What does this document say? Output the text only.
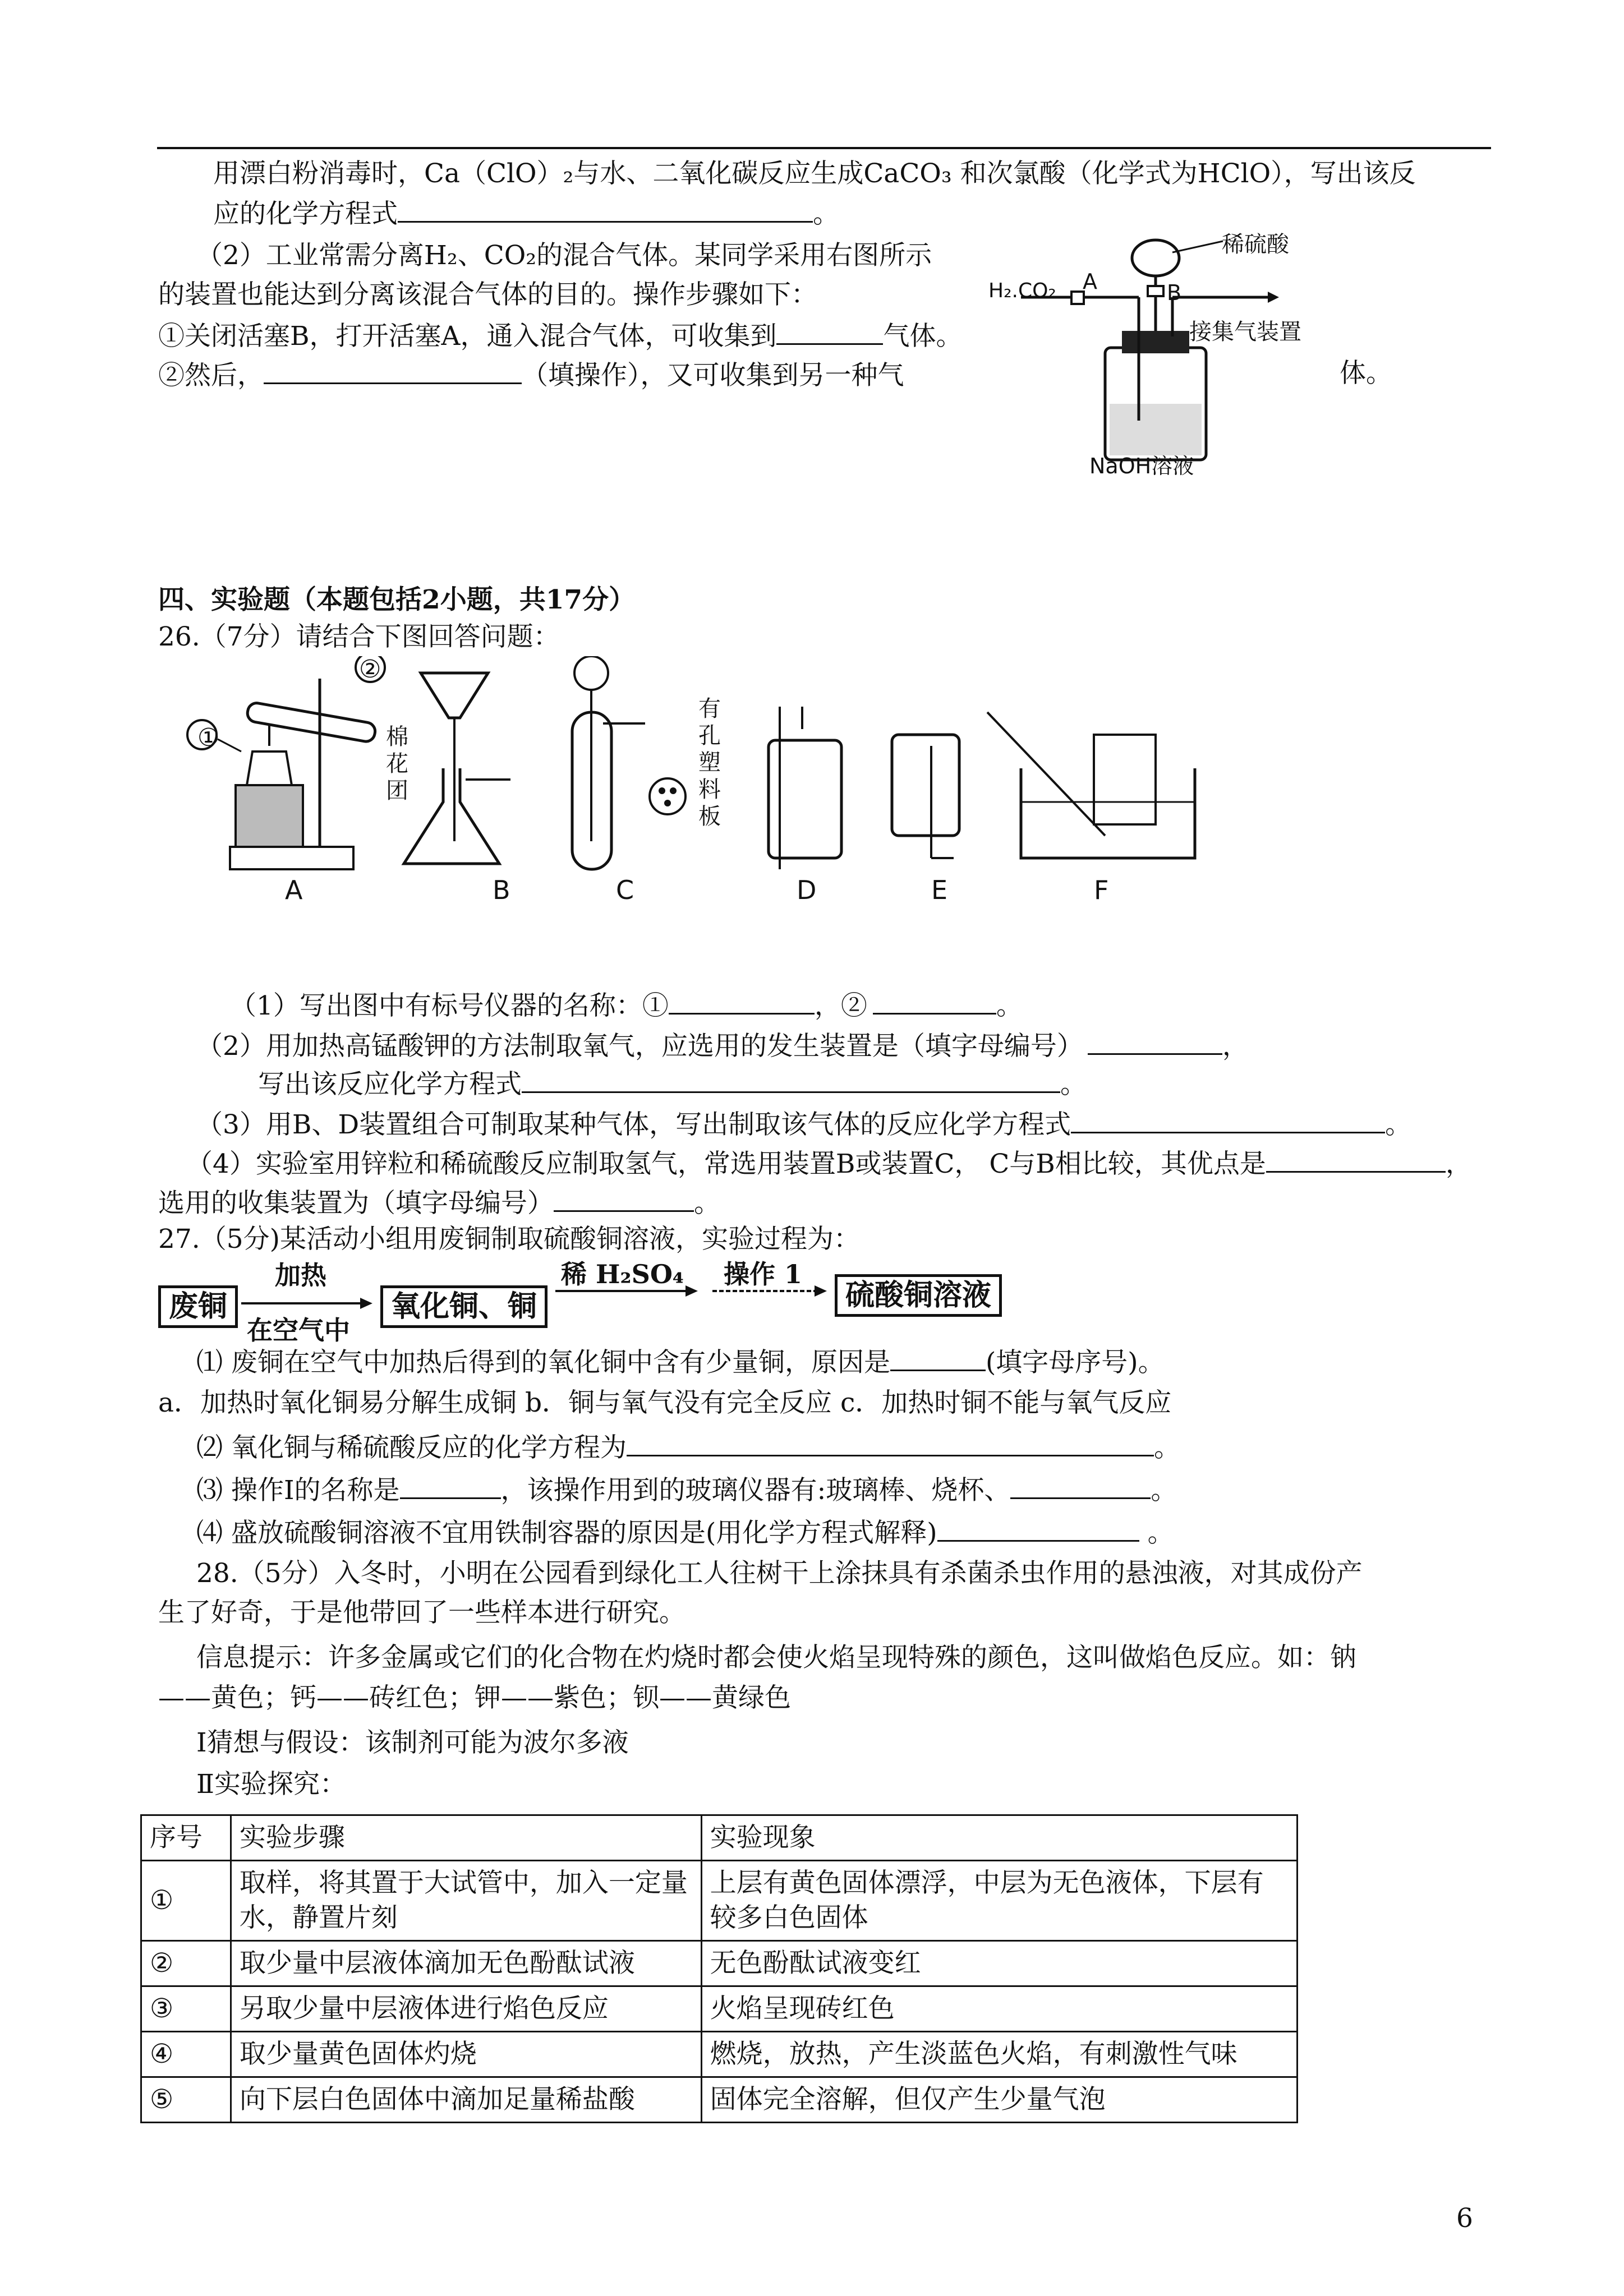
用漂白粉消毒时，Ca（ClO）₂与水、二氧化碳反应生成CaCO₃ 和次氯酸（化学式为HClO），写出该反
应的化学方程式	。
（2）工业常需分离H₂、CO₂的混合气体。某同学采用右图所示
的装置也能达到分离该混合气体的目的。操作步骤如下：
①关闭活塞B，打开活塞A，通入混合气体，可收集到	气体。
②然后，	（填操作），又可收集到另一种气	体。
稀硫酸
H₂.CO₂ A	B
接集气装置
NaOH溶液
四、实验题（本题包括2小题，共17分）
26.（7分）请结合下图回答问题：
①
②
棉花团
有孔塑料板
A	B	C	D	E	F
（1）写出图中有标号仪器的名称：①	，②	。
（2）用加热高锰酸钾的方法制取氧气，应选用的发生装置是（填字母编号）	，
写出该反应化学方程式	。
（3）用B、D装置组合可制取某种气体，写出制取该气体的反应化学方程式	。
（4）实验室用锌粒和稀硫酸反应制取氢气，常选用装置B或装置C， C与B相比较，其优点是	，
选用的收集装置为（填字母编号）	。
27.（5分)某活动小组用废铜制取硫酸铜溶液，实验过程为：
废铜
加热
在空气中
氧化铜、铜
稀 H₂SO₄ 操作 1
硫酸铜溶液
⑴ 废铜在空气中加热后得到的氧化铜中含有少量铜，原因是	(填字母序号)。
a．加热时氧化铜易分解生成铜 b．铜与氧气没有完全反应 c．加热时铜不能与氧气反应
⑵ 氧化铜与稀硫酸反应的化学方程为	。
⑶ 操作Ⅰ的名称是	，该操作用到的玻璃仪器有:玻璃棒、烧杯、	。
⑷ 盛放硫酸铜溶液不宜用铁制容器的原因是(用化学方程式解释)	。
28.（5分）入冬时，小明在公园看到绿化工人往树干上涂抹具有杀菌杀虫作用的悬浊液，对其成份产
生了好奇，于是他带回了一些样本进行研究。
信息提示：许多金属或它们的化合物在灼烧时都会使火焰呈现特殊的颜色，这叫做焰色反应。如：钠
——黄色；钙——砖红色；钾——紫色；钡——黄绿色
Ⅰ猜想与假设：该制剂可能为波尔多液
Ⅱ实验探究：
序号	实验步骤	实验现象
①	取样，将其置于大试管中，加入一定量水，静置片刻	上层有黄色固体漂浮，中层为无色液体，下层有较多白色固体
②	取少量中层液体滴加无色酚酞试液	无色酚酞试液变红
③	另取少量中层液体进行焰色反应	火焰呈现砖红色
④	取少量黄色固体灼烧	燃烧，放热，产生淡蓝色火焰，有刺激性气味
⑤	向下层白色固体中滴加足量稀盐酸	固体完全溶解，但仅产生少量气泡
6
